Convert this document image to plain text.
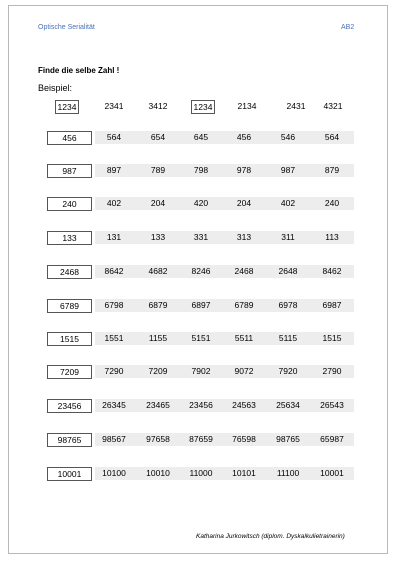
Optische Serialität	AB2
Finde die selbe Zahl !
Beispiel:
1234	2341	3412	1234	2134	2431	4321
456	564	654	645	456	546	564
987	897	789	798	978	987	879
240	402	204	420	204	402	240
133	131	133	331	313	311	113
2468	8642	4682	8246	2468	2648	8462
6789	6798	6879	6897	6789	6978	6987
1515	1551	1155	5151	5511	5115	1515
7209	7290	7209	7902	9072	7920	2790
23456	26345	23465	23456	24563	25634	26543
98765	98567	97658	87659	76598	98765	65987
10001	10100	10010	11000	10101	11100	10001
Katharina Jurkowitsch (diplom. Dyskalkulietrainerin)
